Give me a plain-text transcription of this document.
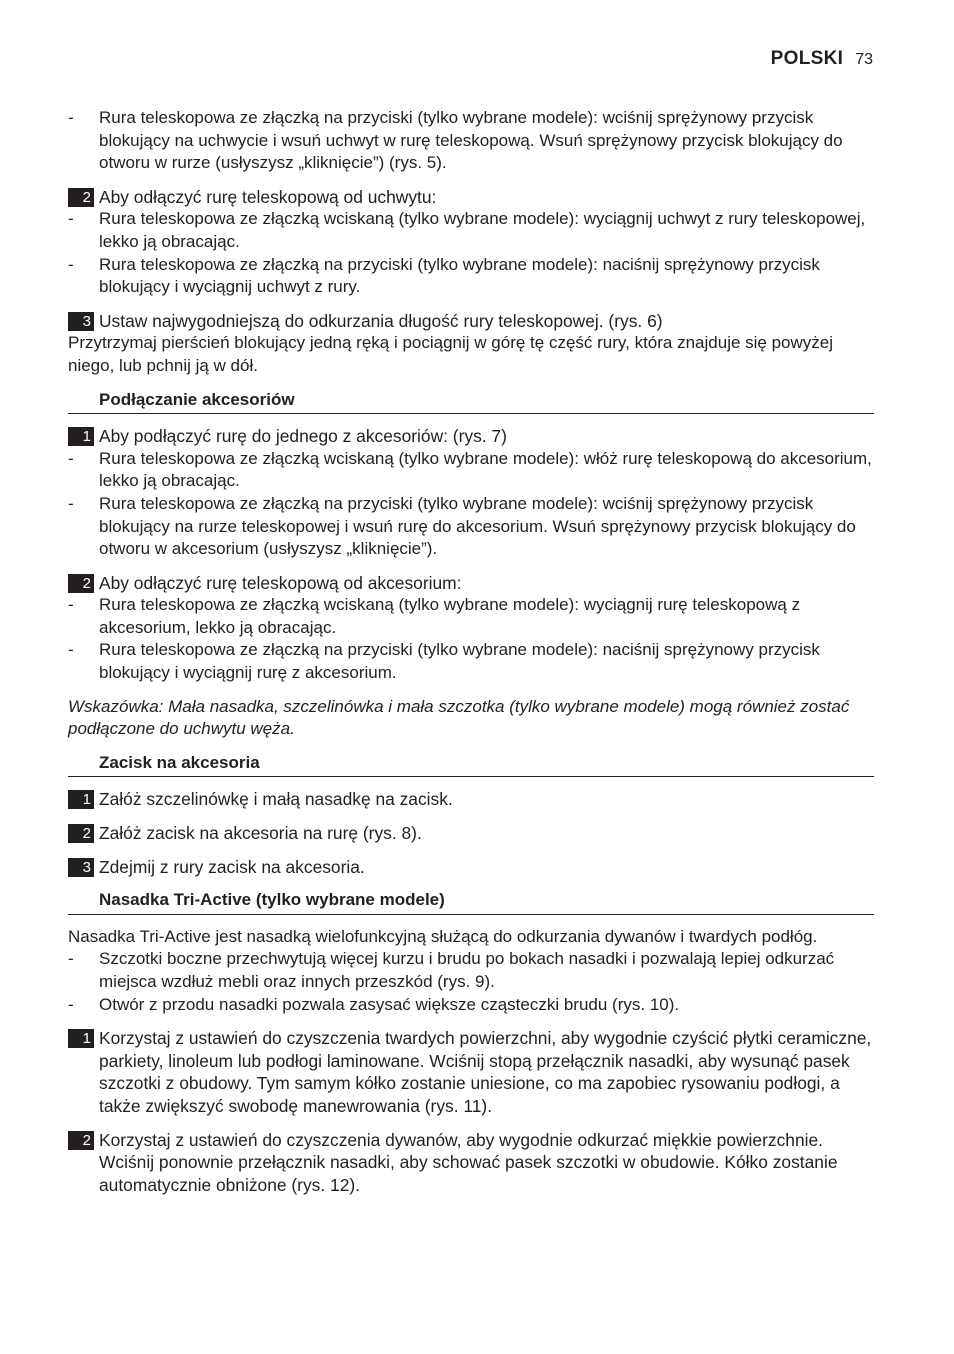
POLSKI 73
- Rura teleskopowa ze złączką na przyciski (tylko wybrane modele): wciśnij sprężynowy przycisk blokujący na uchwycie i wsuń uchwyt w rurę teleskopową. Wsuń sprężynowy przycisk blokujący do otworu w rurze (usłyszysz „kliknięcie”) (rys. 5).
2 Aby odłączyć rurę teleskopową od uchwytu:
- Rura teleskopowa ze złączką wciskaną (tylko wybrane modele): wyciągnij uchwyt z rury teleskopowej, lekko ją obracając.
- Rura teleskopowa ze złączką na przyciski (tylko wybrane modele): naciśnij sprężynowy przycisk blokujący i wyciągnij uchwyt z rury.
3 Ustaw najwygodniejszą do odkurzania długość rury teleskopowej. (rys. 6)
Przytrzymaj pierścień blokujący jedną ręką i pociągnij w górę tę część rury, która znajduje się powyżej niego, lub pchnij ją w dół.
Podłączanie akcesoriów
1 Aby podłączyć rurę do jednego z akcesoriów: (rys. 7)
- Rura teleskopowa ze złączką wciskaną (tylko wybrane modele): włóż rurę teleskopową do akcesorium, lekko ją obracając.
- Rura teleskopowa ze złączką na przyciski (tylko wybrane modele): wciśnij sprężynowy przycisk blokujący na rurze teleskopowej i wsuń rurę do akcesorium. Wsuń sprężynowy przycisk blokujący do otworu w akcesorium (usłyszysz „kliknięcie”).
2 Aby odłączyć rurę teleskopową od akcesorium:
- Rura teleskopowa ze złączką wciskaną (tylko wybrane modele): wyciągnij rurę teleskopową z akcesorium, lekko ją obracając.
- Rura teleskopowa ze złączką na przyciski (tylko wybrane modele): naciśnij sprężynowy przycisk blokujący i wyciągnij rurę z akcesorium.
Wskazówka: Mała nasadka, szczelinówka i mała szczotka (tylko wybrane modele) mogą również zostać podłączone do uchwytu węża.
Zacisk na akcesoria
1 Załóż szczelinówkę i małą nasadkę na zacisk.
2 Załóż zacisk na akcesoria na rurę (rys. 8).
3 Zdejmij z rury zacisk na akcesoria.
Nasadka Tri-Active (tylko wybrane modele)
Nasadka Tri-Active jest nasadką wielofunkcyjną służącą do odkurzania dywanów i twardych podłóg.
- Szczotki boczne przechwytują więcej kurzu i brudu po bokach nasadki i pozwalają lepiej odkurzać miejsca wzdłuż mebli oraz innych przeszkód (rys. 9).
- Otwór z przodu nasadki pozwala zasysać większe cząsteczki brudu (rys. 10).
1 Korzystaj z ustawień do czyszczenia twardych powierzchni, aby wygodnie czyścić płytki ceramiczne, parkiety, linoleum lub podłogi laminowane. Wciśnij stopą przełącznik nasadki, aby wysunąć pasek szczotki z obudowy. Tym samym kółko zostanie uniesione, co ma zapobiec rysowaniu podłogi, a także zwiększyć swobodę manewrowania (rys. 11).
2 Korzystaj z ustawień do czyszczenia dywanów, aby wygodnie odkurzać miękkie powierzchnie. Wciśnij ponownie przełącznik nasadki, aby schować pasek szczotki w obudowie. Kółko zostanie automatycznie obniżone (rys. 12).
